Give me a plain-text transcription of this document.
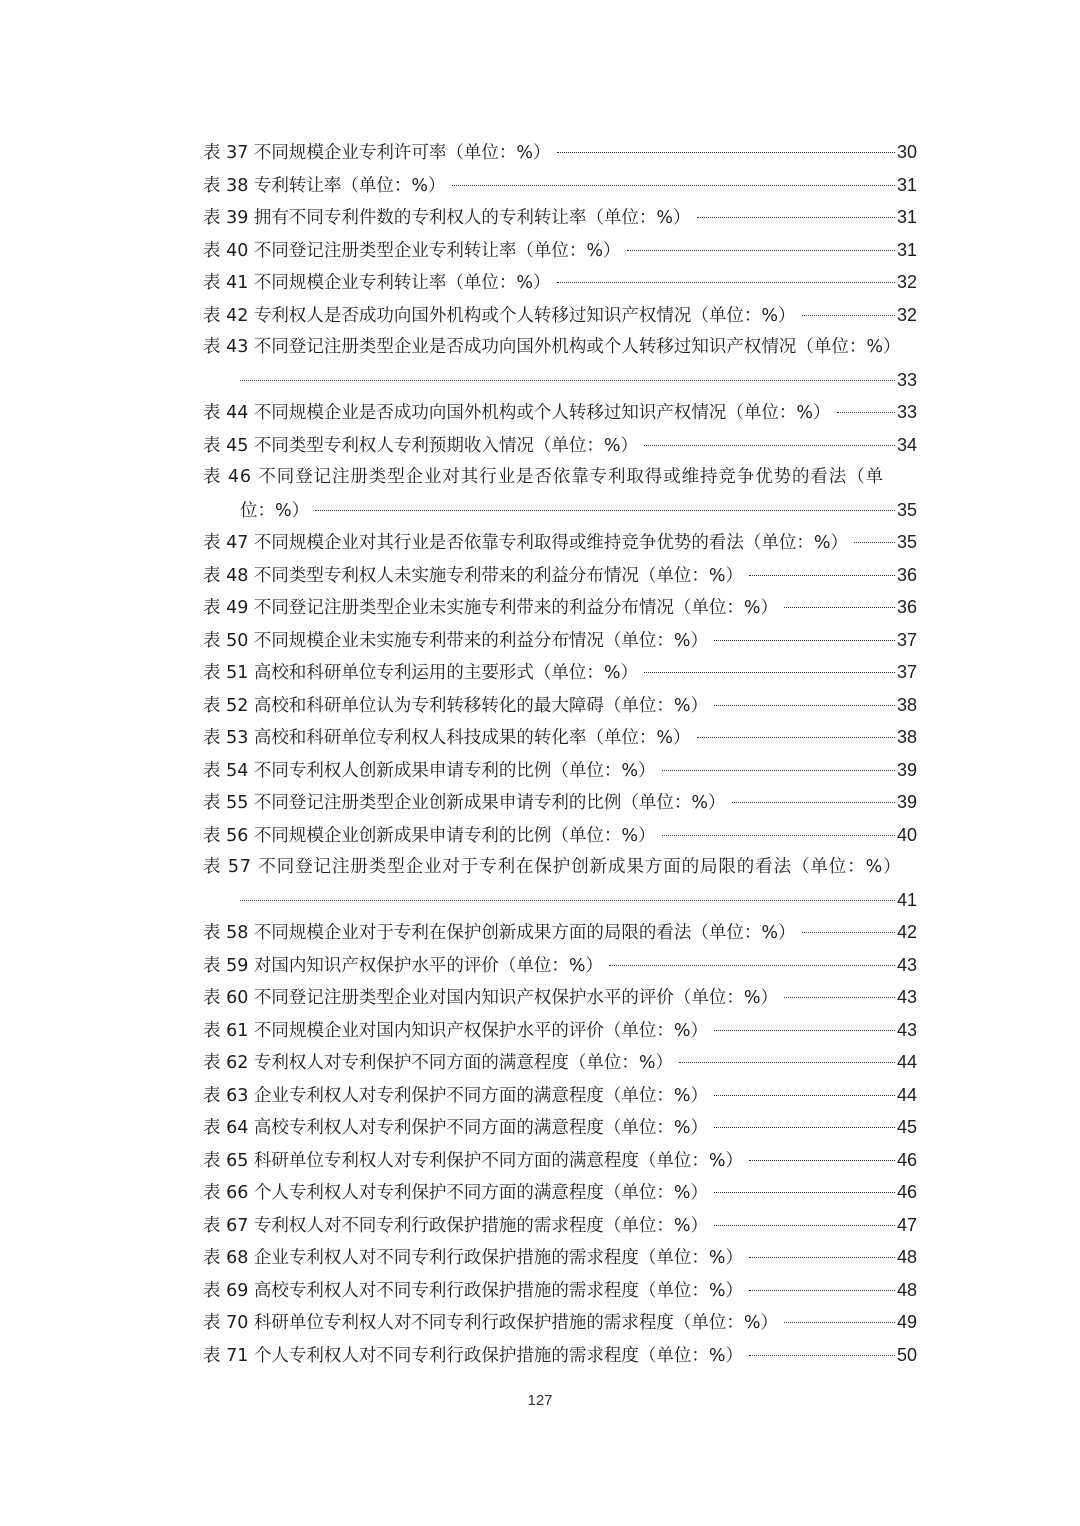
表 37 不同规模企业专利许可率（单位：%）	30
表 38 专利转让率（单位：%）	31
表 39 拥有不同专利件数的专利权人的专利转让率（单位：%）	31
表 40 不同登记注册类型企业专利转让率（单位：%）	31
表 41 不同规模企业专利转让率（单位：%）	32
表 42 专利权人是否成功向国外机构或个人转移过知识产权情况（单位：%）	32
表 43 不同登记注册类型企业是否成功向国外机构或个人转移过知识产权情况（单位：%）
33
表 44 不同规模企业是否成功向国外机构或个人转移过知识产权情况（单位：%）	33
表 45 不同类型专利权人专利预期收入情况（单位：%）	34
表 46 不同登记注册类型企业对其行业是否依靠专利取得或维持竞争优势的看法（单
位：%）	35
表 47 不同规模企业对其行业是否依靠专利取得或维持竞争优势的看法（单位：%）	35
表 48 不同类型专利权人未实施专利带来的利益分布情况（单位：%）	36
表 49 不同登记注册类型企业未实施专利带来的利益分布情况（单位：%）	36
表 50 不同规模企业未实施专利带来的利益分布情况（单位：%）	37
表 51 高校和科研单位专利运用的主要形式（单位：%）	37
表 52 高校和科研单位认为专利转移转化的最大障碍（单位：%）	38
表 53 高校和科研单位专利权人科技成果的转化率（单位：%）	38
表 54 不同专利权人创新成果申请专利的比例（单位：%）	39
表 55 不同登记注册类型企业创新成果申请专利的比例（单位：%）	39
表 56 不同规模企业创新成果申请专利的比例（单位：%）	40
表 57 不同登记注册类型企业对于专利在保护创新成果方面的局限的看法（单位：%）
41
表 58 不同规模企业对于专利在保护创新成果方面的局限的看法（单位：%）	42
表 59 对国内知识产权保护水平的评价（单位：%）	43
表 60 不同登记注册类型企业对国内知识产权保护水平的评价（单位：%）	43
表 61 不同规模企业对国内知识产权保护水平的评价（单位：%）	43
表 62 专利权人对专利保护不同方面的满意程度（单位：%）	44
表 63 企业专利权人对专利保护不同方面的满意程度（单位：%）	44
表 64 高校专利权人对专利保护不同方面的满意程度（单位：%）	45
表 65 科研单位专利权人对专利保护不同方面的满意程度（单位：%）	46
表 66 个人专利权人对专利保护不同方面的满意程度（单位：%）	46
表 67 专利权人对不同专利行政保护措施的需求程度（单位：%）	47
表 68 企业专利权人对不同专利行政保护措施的需求程度（单位：%）	48
表 69 高校专利权人对不同专利行政保护措施的需求程度（单位：%）	48
表 70 科研单位专利权人对不同专利行政保护措施的需求程度（单位：%）	49
表 71 个人专利权人对不同专利行政保护措施的需求程度（单位：%）	50
127
